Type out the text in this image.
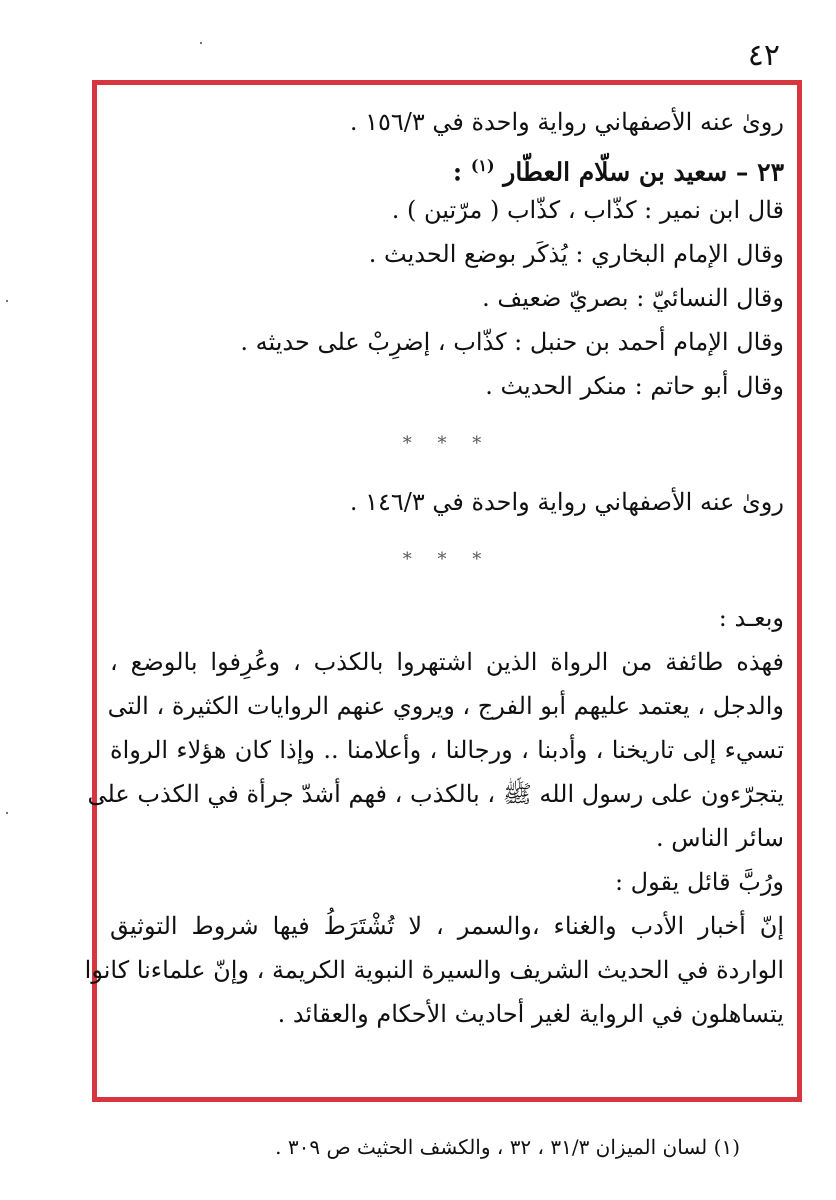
٤٢
رویٰ عنه الأصفهاني رواية واحدة في ١٥٦/٣ .
٢٣ – سعيد بن سلّام العطّار $^{(١)}$ :
قال ابن نمير : كذّاب ، كذّاب ( مرّتين ) .
وقال الإمام البخاري : يُذكَر بوضع الحديث .
وقال النسائيّ : بصريّ ضعيف .
وقال الإمام أحمد بن حنبل : كذّاب ، إضرِبْ على حديثه .
وقال أبو حاتم : منكر الحديث .
* * *
رویٰ عنه الأصفهاني رواية واحدة في ١٤٦/٣ .
* * *
وبعـد :
فهذه طائفة من الرواة الذين اشتهروا بالكذب ، وعُرِفوا بالوضع ،
والدجل ، يعتمد عليهم أبو الفرج ، ويروي عنهم الروايات الكثيرة ، التى
تسيء إلى تاريخنا ، وأدبنا ، ورجالنا ، وأعلامنا .. وإذا كان هؤلاء الرواة
يتجرّءون على رسول الله ﷺ ، بالكذب ، فهم أشدّ جرأة في الكذب على
سائر الناس .
ورُبَّ قائل يقول :
إنّ أخبار الأدب والغناء ،والسمر ، لا تُشْتَرَطُ فيها شروط التوثيق
الواردة في الحديث الشريف والسيرة النبوية الكريمة ، وإنّ علماءنا كانوا
يتساهلون في الرواية لغير أحاديث الأحكام والعقائد .
(١) لسان الميزان ٣١/٣ ، ٣٢ ، والكشف الحثيث ص ٣٠٩ .
